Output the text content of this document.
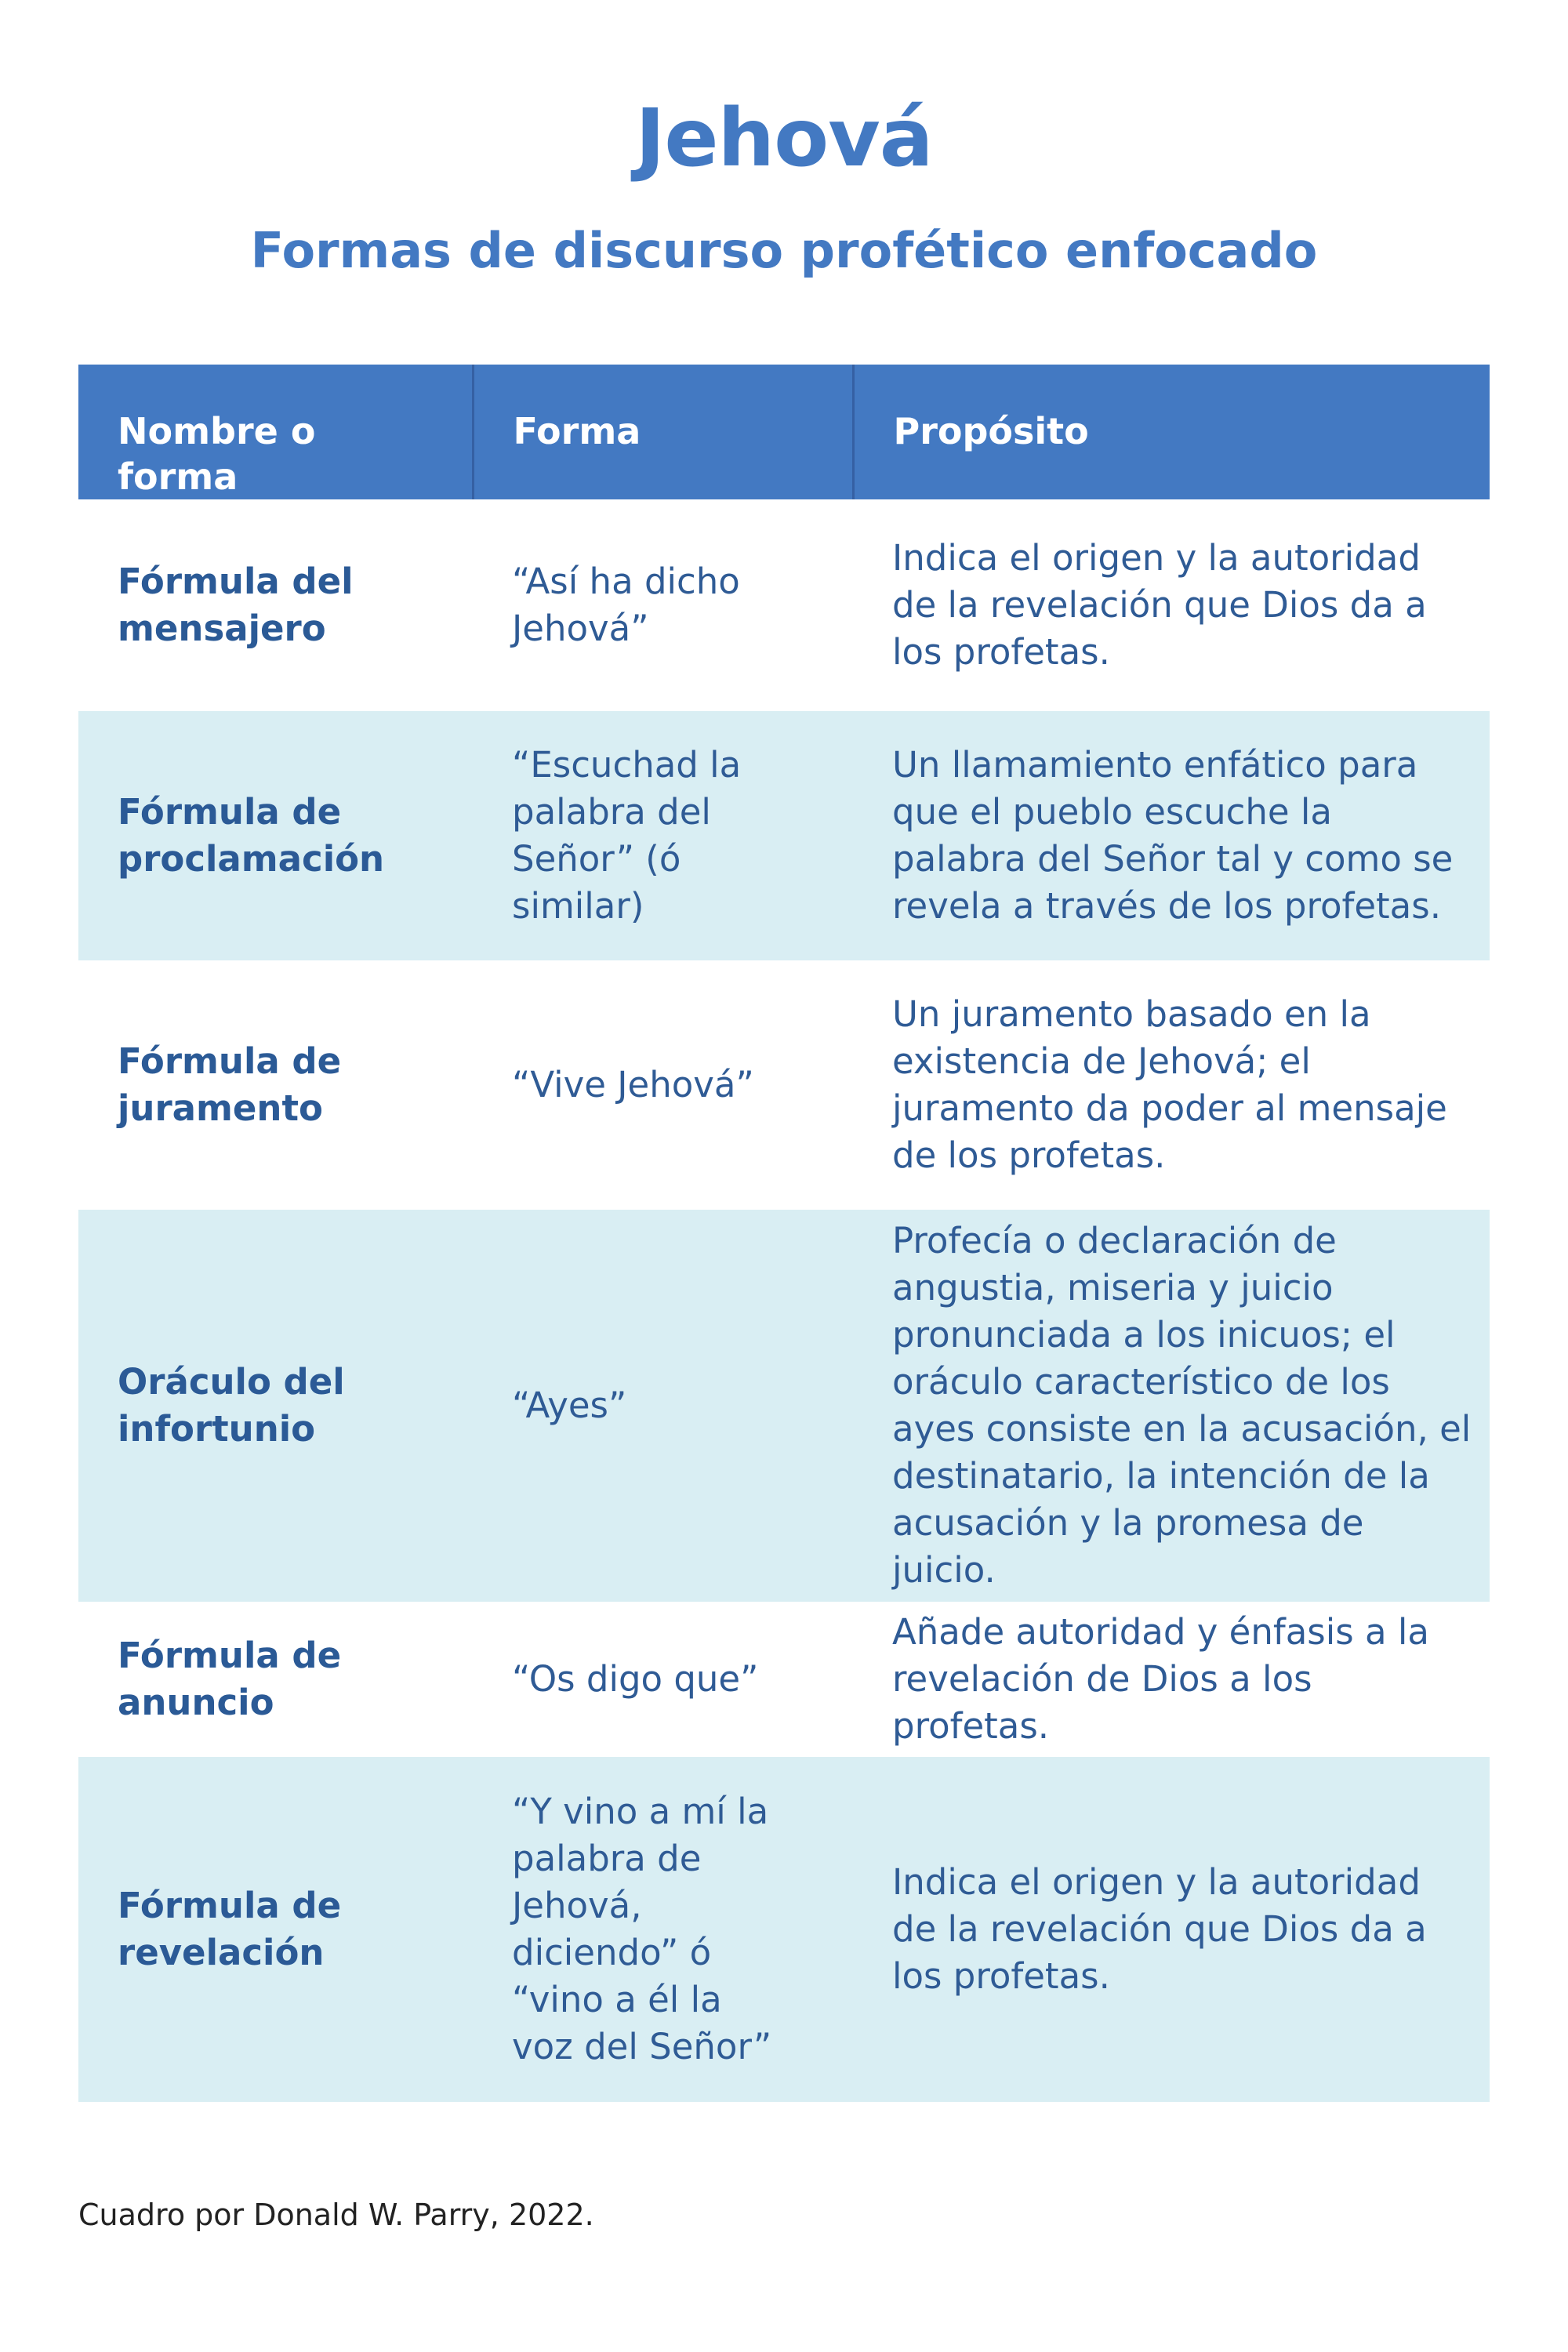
Jehová
Formas de discurso profético enfocado
Nombre o forma	Forma	Propósito

Fórmula del mensajero	“Así ha dicho Jehová”	Indica el origen y la autoridad de la revelación que Dios da a los profetas.

Fórmula de proclamación	“Escuchad la palabra del Señor” (ó similar)	Un llamamiento enfático para que el pueblo escuche la palabra del Señor tal y como se revela a través de los profetas.

Fórmula de juramento	“Vive Jehová”	Un juramento basado en la existencia de Jehová; el juramento da poder al mensaje de los profetas.

Oráculo del infortunio	“Ayes”	Profecía o declaración de angustia, miseria y juicio pronunciada a los inicuos; el oráculo característico de los ayes consiste en la acusación, el destinatario, la intención de la acusación y la promesa de juicio.

Fórmula de anuncio	“Os digo que”	Añade autoridad y énfasis a la revelación de Dios a los profetas.

Fórmula de revelación	“Y vino a mí la palabra de Jehová, diciendo” ó “vino a él la voz del Señor”	Indica el origen y la autoridad de la revelación que Dios da a los profetas.
Cuadro por Donald W. Parry, 2022.
